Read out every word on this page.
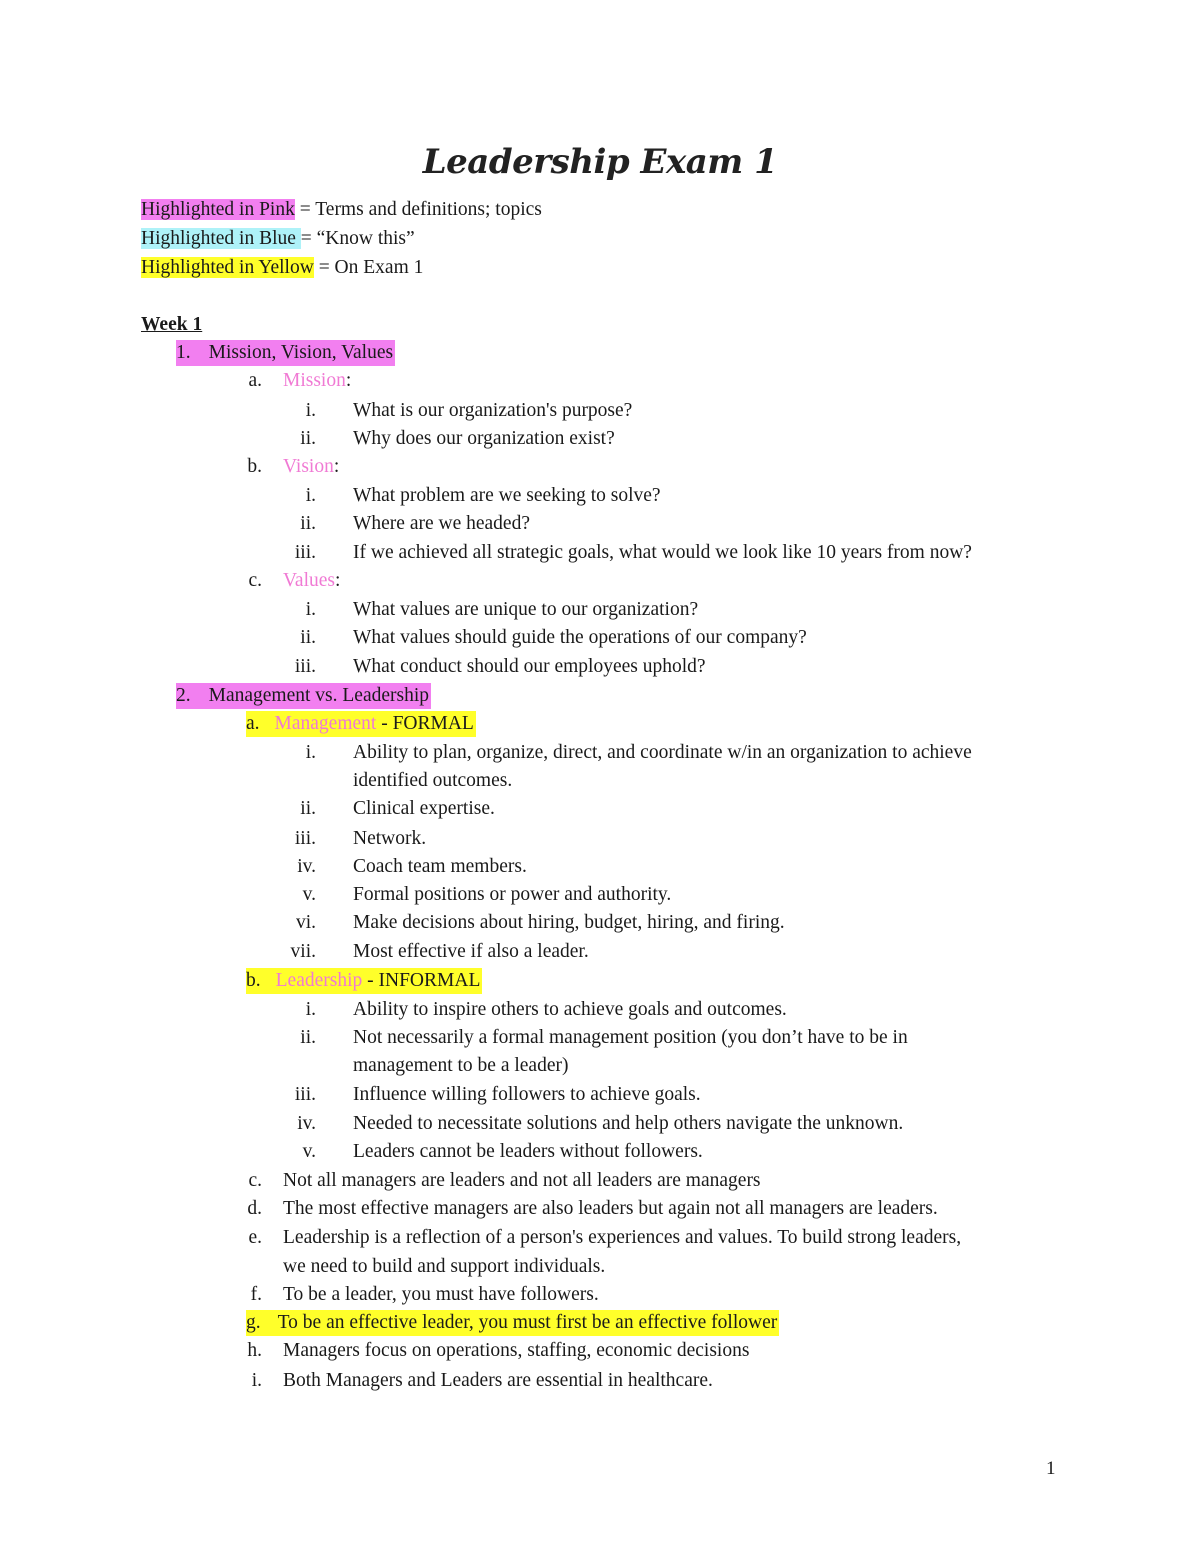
Leadership Exam 1
Highlighted in Pink = Terms and definitions; topics
Highlighted in Blue = “Know this”
Highlighted in Yellow = On Exam 1
Week 1
1. Mission, Vision, Values
a. Mission:
i. What is our organization's purpose?
ii. Why does our organization exist?
b. Vision:
i. What problem are we seeking to solve?
ii. Where are we headed?
iii. If we achieved all strategic goals, what would we look like 10 years from now?
c. Values:
i. What values are unique to our organization?
ii. What values should guide the operations of our company?
iii. What conduct should our employees uphold?
2. Management vs. Leadership
a. Management - FORMAL
i. Ability to plan, organize, direct, and coordinate w/in an organization to achieve
identified outcomes.
ii. Clinical expertise.
iii. Network.
iv. Coach team members.
v. Formal positions or power and authority.
vi. Make decisions about hiring, budget, hiring, and firing.
vii. Most effective if also a leader.
b. Leadership - INFORMAL
i. Ability to inspire others to achieve goals and outcomes.
ii. Not necessarily a formal management position (you don’t have to be in
management to be a leader)
iii. Influence willing followers to achieve goals.
iv. Needed to necessitate solutions and help others navigate the unknown.
v. Leaders cannot be leaders without followers.
c. Not all managers are leaders and not all leaders are managers
d. The most effective managers are also leaders but again not all managers are leaders.
e. Leadership is a reflection of a person's experiences and values. To build strong leaders,
we need to build and support individuals.
f. To be a leader, you must have followers.
g. To be an effective leader, you must first be an effective follower
h. Managers focus on operations, staffing, economic decisions
i. Both Managers and Leaders are essential in healthcare.
1
